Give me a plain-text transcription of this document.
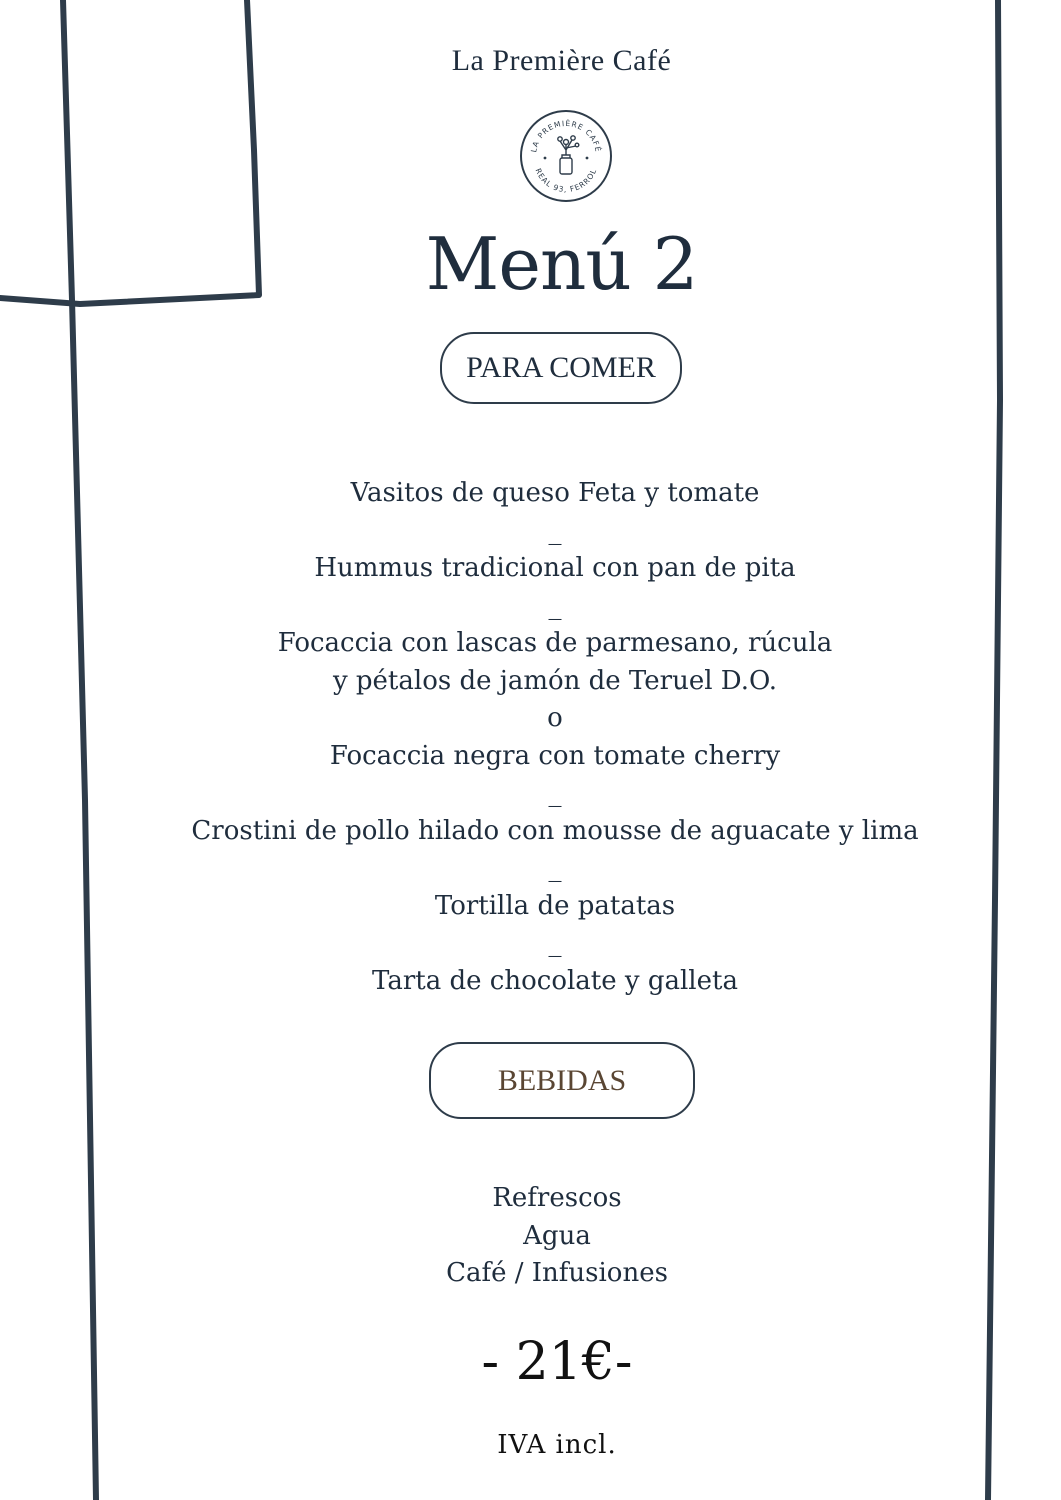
La Première Café
LA PREMIÈRE CAFÉ
REAL 93, FERROL
Menú 2
PARA COMER
Vasitos de queso Feta y tomate
_
Hummus tradicional con pan de pita
_
Focaccia con lascas de parmesano, rúcula
y pétalos de jamón de Teruel D.O.
o
Focaccia negra con tomate cherry
_
Crostini de pollo hilado con mousse de aguacate y lima
_
Tortilla de patatas
_
Tarta de chocolate y galleta
BEBIDAS
Refrescos
Agua
Café / Infusiones
- 21€-
IVA incl.
